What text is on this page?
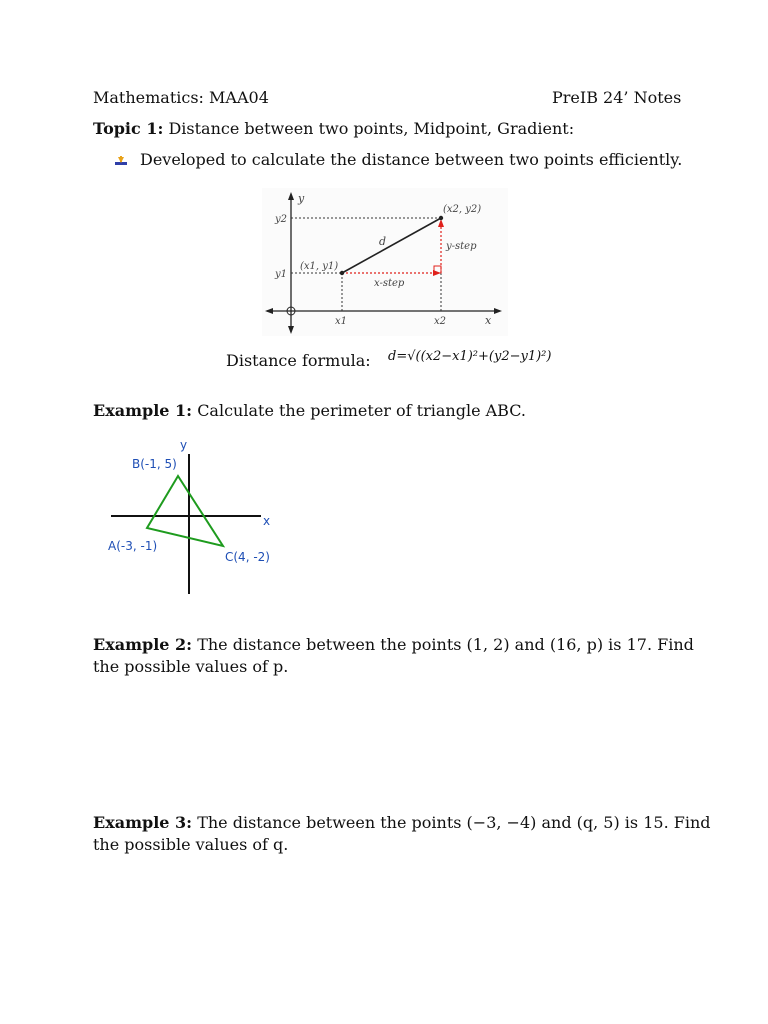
Mathematics: MAA04	PreIB 24’ Notes
Topic 1: Distance between two points, Midpoint, Gradient:
Developed to calculate the distance between two points efficiently.
y
x
y2
y1
x1	x2
(x1, y1)
(x2, y2)
d	y-step
x-step
Distance formula: d=√((x2−x1)²+(y2−y1)²)
Example 1: Calculate the perimeter of triangle ABC.
y
x
B(-1, 5)
A(-3, -1)
C(4, -2)
Example 2: The distance between the points (1, 2) and (16, p) is 17. Find
the possible values of p.
Example 3: The distance between the points (−3, −4) and (q, 5) is 15. Find
the possible values of q.
